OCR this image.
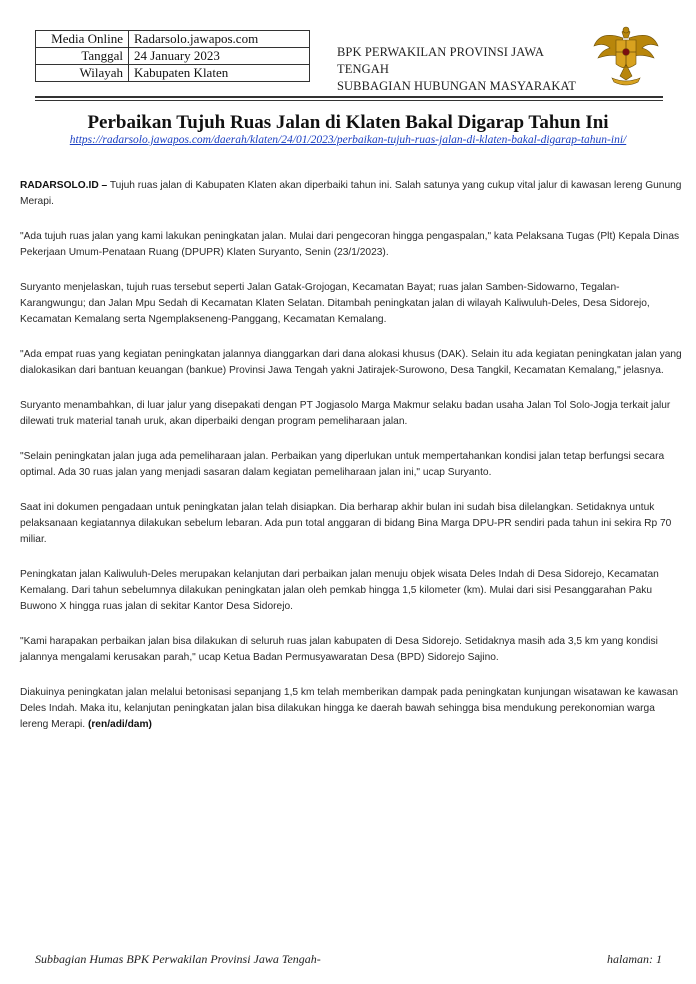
Media Online	Radarsolo.jawapos.com
Tanggal	24 January 2023
Wilayah	Kabupaten Klaten
BPK PERWAKILAN PROVINSI JAWA TENGAH
SUBBAGIAN HUBUNGAN MASYARAKAT
Perbaikan Tujuh Ruas Jalan di Klaten Bakal Digarap Tahun Ini
https://radarsolo.jawapos.com/daerah/klaten/24/01/2023/perbaikan-tujuh-ruas-jalan-di-klaten-bakal-digarap-tahun-ini/

RADARSOLO.ID – Tujuh ruas jalan di Kabupaten Klaten akan diperbaiki tahun ini. Salah satunya yang cukup vital jalur di kawasan lereng Gunung Merapi.

"Ada tujuh ruas jalan yang kami lakukan peningkatan jalan. Mulai dari pengecoran hingga pengaspalan," kata Pelaksana Tugas (Plt) Kepala Dinas Pekerjaan Umum-Penataan Ruang (DPUPR) Klaten Suryanto, Senin (23/1/2023).

Suryanto menjelaskan, tujuh ruas tersebut seperti Jalan Gatak-Grojogan, Kecamatan Bayat; ruas jalan Samben-Sidowarno, Tegalan-Karangwungu; dan Jalan Mpu Sedah di Kecamatan Klaten Selatan. Ditambah peningkatan jalan di wilayah Kaliwuluh-Deles, Desa Sidorejo, Kecamatan Kemalang serta Ngemplakseneng-Panggang, Kecamatan Kemalang.

"Ada empat ruas yang kegiatan peningkatan jalannya dianggarkan dari dana alokasi khusus (DAK). Selain itu ada kegiatan peningkatan jalan yang dialokasikan dari bantuan keuangan (bankue) Provinsi Jawa Tengah yakni Jatirajek-Surowono, Desa Tangkil, Kecamatan Kemalang," jelasnya.

Suryanto menambahkan, di luar jalur yang disepakati dengan PT Jogjasolo Marga Makmur selaku badan usaha Jalan Tol Solo-Jogja terkait jalur dilewati truk material tanah uruk, akan diperbaiki dengan program pemeliharaan jalan.

"Selain peningkatan jalan juga ada pemeliharaan jalan. Perbaikan yang diperlukan untuk mempertahankan kondisi jalan tetap berfungsi secara optimal. Ada 30 ruas jalan yang menjadi sasaran dalam kegiatan pemeliharaan jalan ini," ucap Suryanto.

Saat ini dokumen pengadaan untuk peningkatan jalan telah disiapkan. Dia berharap akhir bulan ini sudah bisa dilelangkan. Setidaknya untuk pelaksanaan kegiatannya dilakukan sebelum lebaran. Ada pun total anggaran di bidang Bina Marga DPU-PR sendiri pada tahun ini sekira Rp 70 miliar.

Peningkatan jalan Kaliwuluh-Deles merupakan kelanjutan dari perbaikan jalan menuju objek wisata Deles Indah di Desa Sidorejo, Kecamatan Kemalang. Dari tahun sebelumnya dilakukan peningkatan jalan oleh pemkab hingga 1,5 kilometer (km). Mulai dari sisi Pesanggarahan Paku Buwono X hingga ruas jalan di sekitar Kantor Desa Sidorejo.

"Kami harapakan perbaikan jalan bisa dilakukan di seluruh ruas jalan kabupaten di Desa Sidorejo. Setidaknya masih ada 3,5 km yang kondisi jalannya mengalami kerusakan parah," ucap Ketua Badan Permusyawaratan Desa (BPD) Sidorejo Sajino.

Diakuinya peningkatan jalan melalui betonisasi sepanjang 1,5 km telah memberikan dampak pada peningkatan kunjungan wisatawan ke kawasan Deles Indah. Maka itu, kelanjutan peningkatan jalan bisa dilakukan hingga ke daerah bawah sehingga bisa mendukung perekonomian warga lereng Merapi. (ren/adi/dam)

Subbagian Humas BPK Perwakilan Provinsi Jawa Tengah-	halaman: 1
